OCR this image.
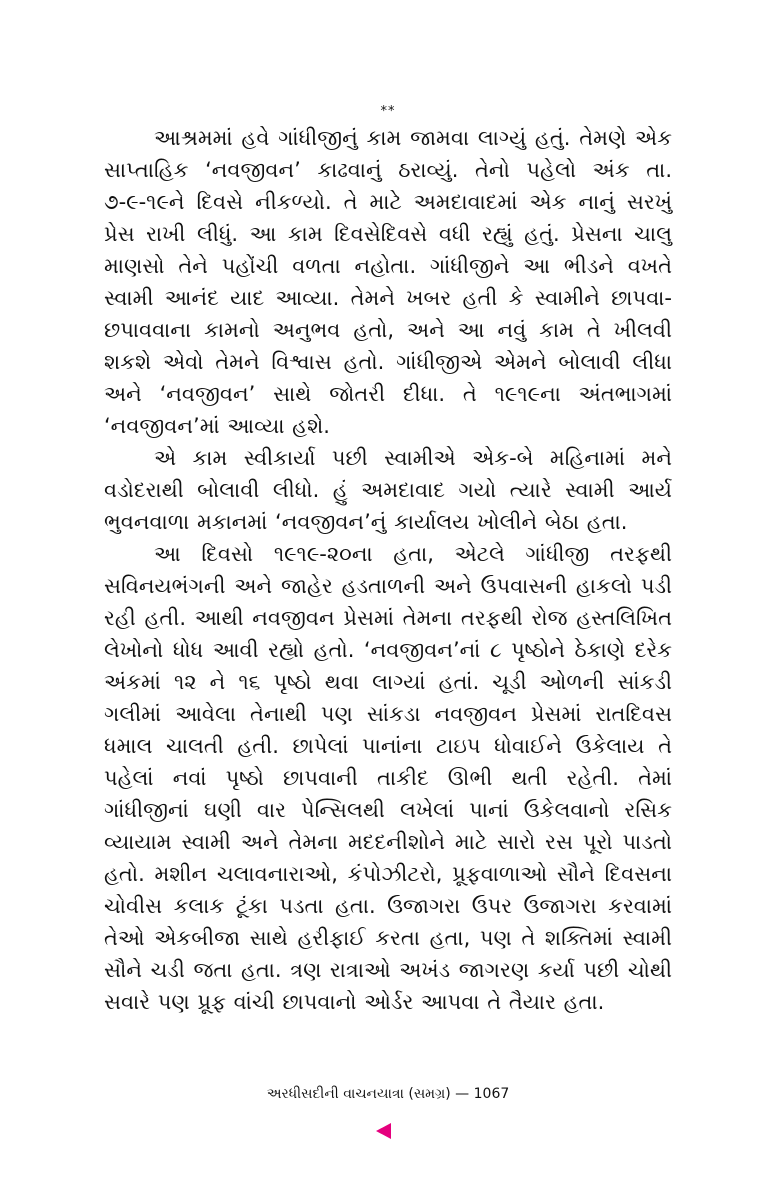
**

આશ્રમમાં હવે ગાંધીજીનું કામ જામવા લાગ્યું હતું. તેમણે એક સાપ્તાહિક ‘નવજીવન’ કાઢવાનું ઠરાવ્યું. તેનો પહેલો અંક તા. ૭-૯-૧૯ને દિવસે નીકળ્યો. તે માટે અમદાવાદમાં એક નાનું સરખું પ્રેસ રાખી લીધું. આ કામ દિવસેદિવસે વધી રહ્યું હતું. પ્રેસના ચાલુ માણસો તેને પહોંચી વળતા નહોતા. ગાંધીજીને આ ભીડને વખતે સ્વામી આનંદ યાદ આવ્યા. તેમને ખબર હતી કે સ્વામીને છાપવા-છપાવવાના કામનો અનુભવ હતો, અને આ નવું કામ તે ખીલવી શકશે એવો તેમને વિશ્વાસ હતો. ગાંધીજીએ એમને બોલાવી લીધા અને ‘નવજીવન’ સાથે જોતરી દીધા. તે ૧૯૧૯ના અંતભાગમાં ‘નવજીવન’માં આવ્યા હશે.

એ કામ સ્વીકાર્યા પછી સ્વામીએ એક-બે મહિનામાં મને વડોદરાથી બોલાવી લીધો. હું અમદાવાદ ગયો ત્યારે સ્વામી આર્ય ભુવનવાળા મકાનમાં ‘નવજીવન’નું કાર્યાલય ખોલીને બેઠા હતા.

આ દિવસો ૧૯૧૯-૨૦ના હતા, એટલે ગાંધીજી તરફથી સવિનયભંગની અને જાહેર હડતાળની અને ઉપવાસની હાકલો પડી રહી હતી. આથી નવજીવન પ્રેસમાં તેમના તરફથી રોજ હસ્તલિખિત લેખોનો ધોધ આવી રહ્યો હતો. ‘નવજીવન’નાં ૮ પૃષ્ઠોને ઠેકાણે દરેક અંકમાં ૧૨ ને ૧૬ પૃષ્ઠો થવા લાગ્યાં હતાં. ચૂડી ઓળની સાંકડી ગલીમાં આવેલા તેનાથી પણ સાંકડા નવજીવન પ્રેસમાં રાતદિવસ ધમાલ ચાલતી હતી. છાપેલાં પાનાંના ટાઇપ ધોવાઈને ઉકેલાય તે પહેલાં નવાં પૃષ્ઠો છાપવાની તાકીદ ઊભી થતી રહેતી. તેમાં ગાંધીજીનાં ઘણી વાર પેન્સિલથી લખેલાં પાનાં ઉકેલવાનો રસિક વ્યાયામ સ્વામી અને તેમના મદદનીશોને માટે સારો રસ પૂરો પાડતો હતો. મશીન ચલાવનારાઓ, કંપોઝીટરો, પ્રૂફવાળાઓ સૌને દિવસના ચોવીસ કલાક ટૂંકા પડતા હતા. ઉજાગરા ઉપર ઉજાગરા કરવામાં તેઓ એકબીજા સાથે હરીફાઈ કરતા હતા, પણ તે શક્તિમાં સ્વામી સૌને ચડી જતા હતા. ત્રણ રાત્રાઓ અખંડ જાગરણ કર્યા પછી ચોથી સવારે પણ પ્રૂફ વાંચી છાપવાનો ઓર્ડર આપવા તે તૈયાર હતા.

અરધીસદીની વાચનયાત્રા (સમગ્ર) — 1067
